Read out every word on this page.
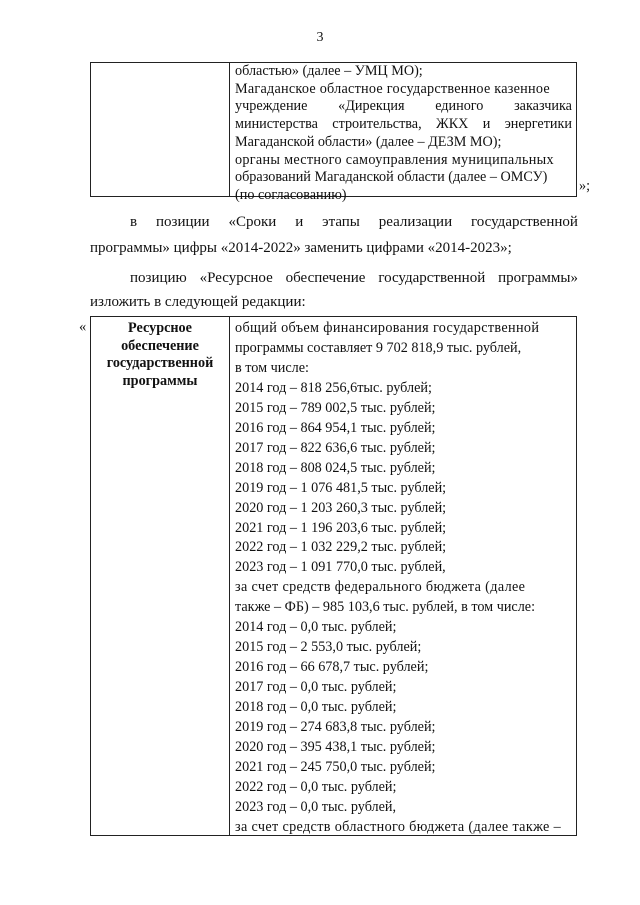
3
областью» (далее – УМЦ МО);
Магаданское областное государственное казенное
учреждение «Дирекция единого заказчика
министерства строительства, ЖКХ и энергетики
Магаданской области» (далее – ДЕЗМ МО);
органы местного самоуправления муниципальных
образований Магаданской области (далее – ОМСУ)
(по согласованию)
»;
в позиции «Сроки и этапы реализации государственной
программы» цифры «2014-2022» заменить цифрами «2014-2023»;
позицию «Ресурсное обеспечение государственной программы»
изложить в следующей редакции:
«	Ресурсное
обеспечение
государственной
программы
общий объем финансирования государственной
программы составляет 9 702 818,9 тыс. рублей,
в том числе:
2014 год – 818 256,6тыс. рублей;
2015 год – 789 002,5 тыс. рублей;
2016 год – 864 954,1 тыс. рублей;
2017 год – 822 636,6 тыс. рублей;
2018 год – 808 024,5 тыс. рублей;
2019 год – 1 076 481,5 тыс. рублей;
2020 год – 1 203 260,3 тыс. рублей;
2021 год – 1 196 203,6 тыс. рублей;
2022 год – 1 032 229,2 тыс. рублей;
2023 год – 1 091 770,0 тыс. рублей,
за счет средств федерального бюджета (далее
также – ФБ) – 985 103,6 тыс. рублей, в том числе:
2014 год – 0,0 тыс. рублей;
2015 год – 2 553,0 тыс. рублей;
2016 год – 66 678,7 тыс. рублей;
2017 год – 0,0 тыс. рублей;
2018 год – 0,0 тыс. рублей;
2019 год – 274 683,8 тыс. рублей;
2020 год – 395 438,1 тыс. рублей;
2021 год – 245 750,0 тыс. рублей;
2022 год – 0,0 тыс. рублей;
2023 год – 0,0 тыс. рублей,
за счет средств областного бюджета (далее также –
